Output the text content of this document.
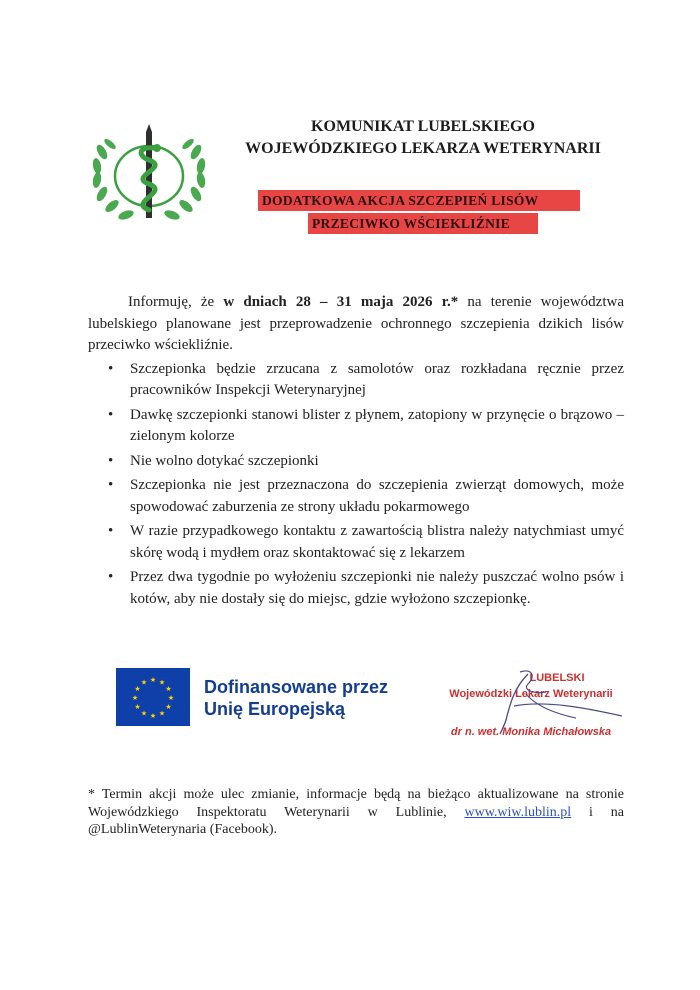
KOMUNIKAT LUBELSKIEGO
WOJEWÓDZKIEGO LEKARZA WETERYNARII
DODATKOWA AKCJA SZCZEPIEŃ LISÓW
PRZECIWKO WŚCIEKLIŹNIE

Informuję, że w dniach 28 – 31 maja 2026 r.* na terenie województwa lubelskiego planowane jest przeprowadzenie ochronnego szczepienia dzikich lisów przeciwko wściekliźnie.

• Szczepionka będzie zrzucana z samolotów oraz rozkładana ręcznie przez pracowników Inspekcji Weterynaryjnej
• Dawkę szczepionki stanowi blister z płynem, zatopiony w przynęcie o brązowo – zielonym kolorze
• Nie wolno dotykać szczepionki
• Szczepionka nie jest przeznaczona do szczepienia zwierząt domowych, może spowodować zaburzenia ze strony układu pokarmowego
• W razie przypadkowego kontaktu z zawartością blistra należy natychmiast umyć skórę wodą i mydłem oraz skontaktować się z lekarzem
• Przez dwa tygodnie po wyłożeniu szczepionki nie należy puszczać wolno psów i kotów, aby nie dostały się do miejsc, gdzie wyłożono szczepionkę.
★ ★
★
★
★
★
★
★
★
★
★
★	Dofinansowane przez
Unię Europejską
LUBELSKI
Wojewódzki Lekarz Weterynarii
dr n. wet. Monika Michałowska
* Termin akcji może ulec zmianie, informacje będą na bieżąco aktualizowane na stronie Wojewódzkiego Inspektoratu Weterynarii w Lublinie, www.wiw.lublin.pl i na @LublinWeterynaria (Facebook).
